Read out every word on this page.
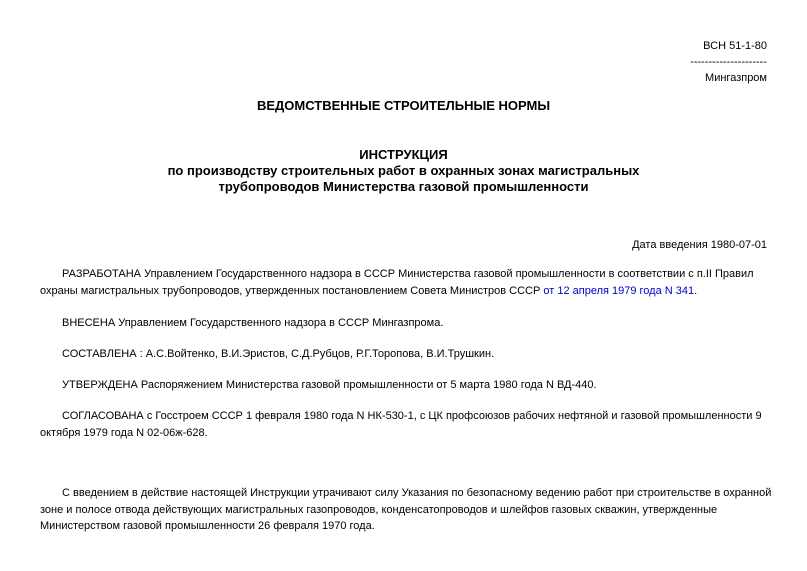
ВСН 51-1-80
---------------------
Мингазпром
ВЕДОМСТВЕННЫЕ СТРОИТЕЛЬНЫЕ НОРМЫ
ИНСТРУКЦИЯ
по производству строительных работ в охранных зонах магистральных
трубопроводов Министерства газовой промышленности
Дата введения 1980-07-01
РАЗРАБОТАНА Управлением Государственного надзора в СССР Министерства газовой промышленности в соответствии с п.II Правил
охраны магистральных трубопроводов, утвержденных постановлением Совета Министров СССР от 12 апреля 1979 года N 341.
ВНЕСЕНА Управлением Государственного надзора в СССР Мингазпрома.
СОСТАВЛЕНА : А.С.Войтенко, В.И.Эристов, С.Д.Рубцов, Р.Г.Торопова, В.И.Трушкин.
УТВЕРЖДЕНА Распоряжением Министерства газовой промышленности от 5 марта 1980 года N ВД-440.
СОГЛАСОВАНА с Госстроем СССР 1 февраля 1980 года N НК-530-1, с ЦК профсоюзов рабочих нефтяной и газовой промышленности 9
октября 1979 года N 02-06ж-628.
С введением в действие настоящей Инструкции утрачивают силу Указания по безопасному ведению работ при строительстве в охранной
зоне и полосе отвода действующих магистральных газопроводов, конденсатопроводов и шлейфов газовых скважин, утвержденные
Министерством газовой промышленности 26 февраля 1970 года.
